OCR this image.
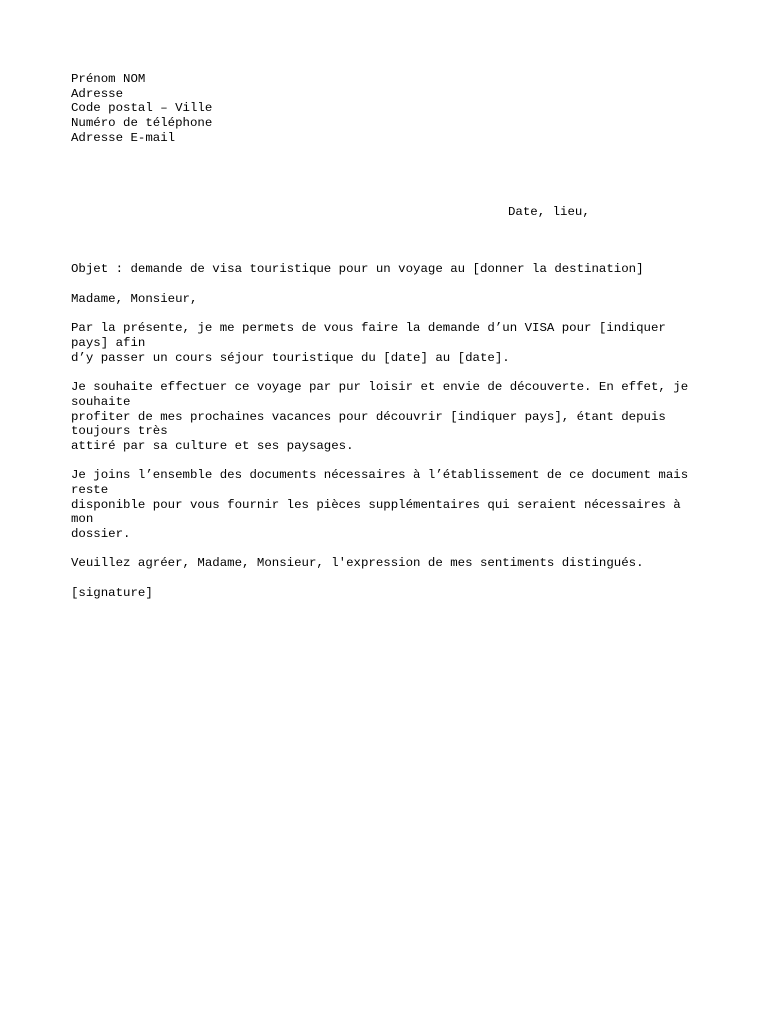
Prénom NOM
Adresse
Code postal – Ville
Numéro de téléphone
Adresse E-mail
Date, lieu,
Objet : demande de visa touristique pour un voyage au [donner la destination]
Madame, Monsieur,
Par la présente, je me permets de vous faire la demande d’un VISA pour [indiquer
pays] afin
d’y passer un cours séjour touristique du [date] au [date].
Je souhaite effectuer ce voyage par pur loisir et envie de découverte. En effet, je
souhaite
profiter de mes prochaines vacances pour découvrir [indiquer pays], étant depuis
toujours très
attiré par sa culture et ses paysages.
Je joins l’ensemble des documents nécessaires à l’établissement de ce document mais
reste
disponible pour vous fournir les pièces supplémentaires qui seraient nécessaires à
mon
dossier.
Veuillez agréer, Madame, Monsieur, l'expression de mes sentiments distingués.
[signature]
